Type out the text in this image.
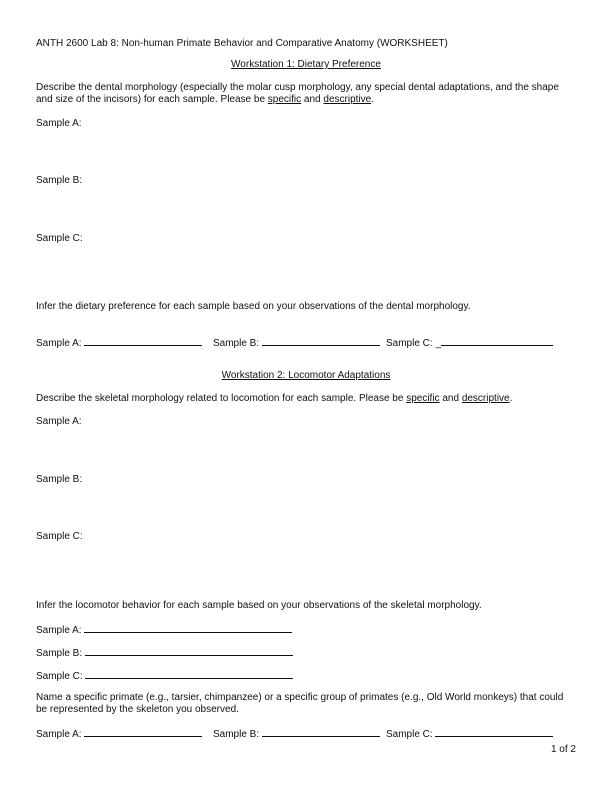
ANTH 2600 Lab 8: Non-human Primate Behavior and Comparative Anatomy (WORKSHEET)
Workstation 1: Dietary Preference
Describe the dental morphology (especially the molar cusp morphology, any special dental adaptations, and the shape and size of the incisors) for each sample. Please be specific and descriptive.
Sample A:
Sample B:
Sample C:
Infer the dietary preference for each sample based on your observations of the dental morphology.
Sample A:	Sample B:	Sample C: _
Workstation 2: Locomotor Adaptations
Describe the skeletal morphology related to locomotion for each sample. Please be specific and descriptive.
Sample A:
Sample B:
Sample C:
Infer the locomotor behavior for each sample based on your observations of the skeletal morphology.
Sample A:
Sample B:
Sample C:
Name a specific primate (e.g., tarsier, chimpanzee) or a specific group of primates (e.g., Old World monkeys) that could be represented by the skeleton you observed.
Sample A:	Sample B:	Sample C:
1 of 2
